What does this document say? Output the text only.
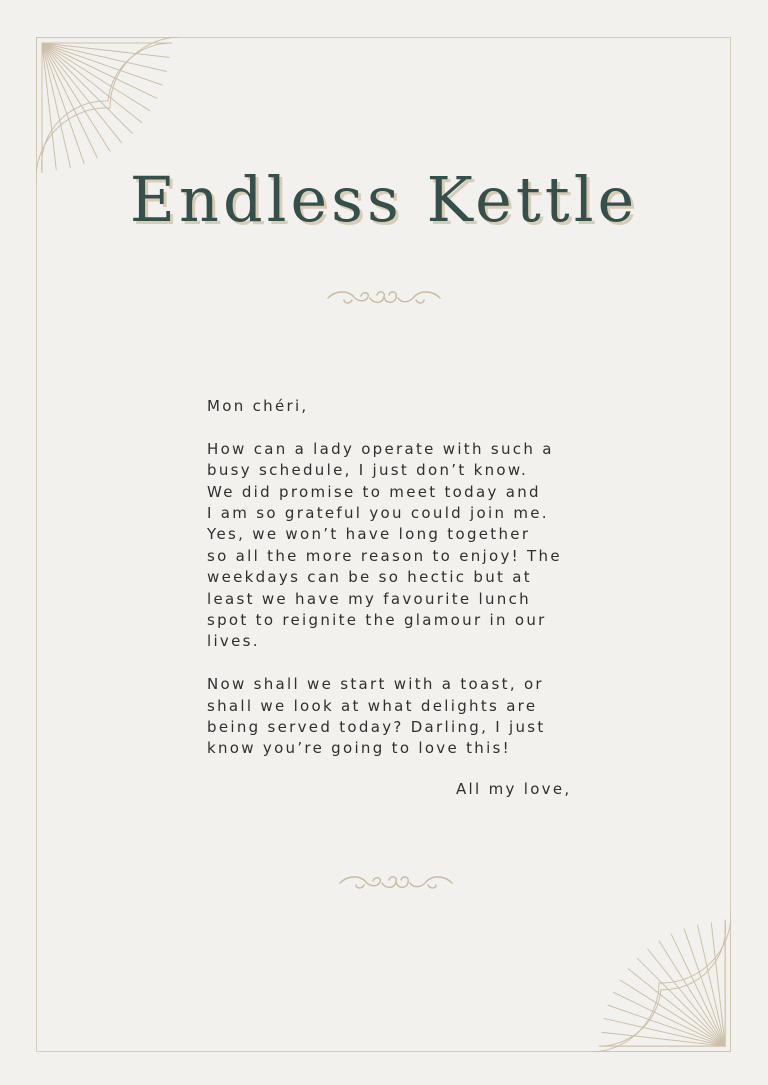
Endless Kettle

Mon chéri,

How can a lady operate with such a

busy schedule, I just don’t know.

We did promise to meet today and

I am so grateful you could join me.

Yes, we won’t have long together

so all the more reason to enjoy! The

weekdays can be so hectic but at

least we have my favourite lunch

spot to reignite the glamour in our

lives.

Now shall we start with a toast, or

shall we look at what delights are

being served today? Darling, I just

know you’re going to love this!

All my love,
